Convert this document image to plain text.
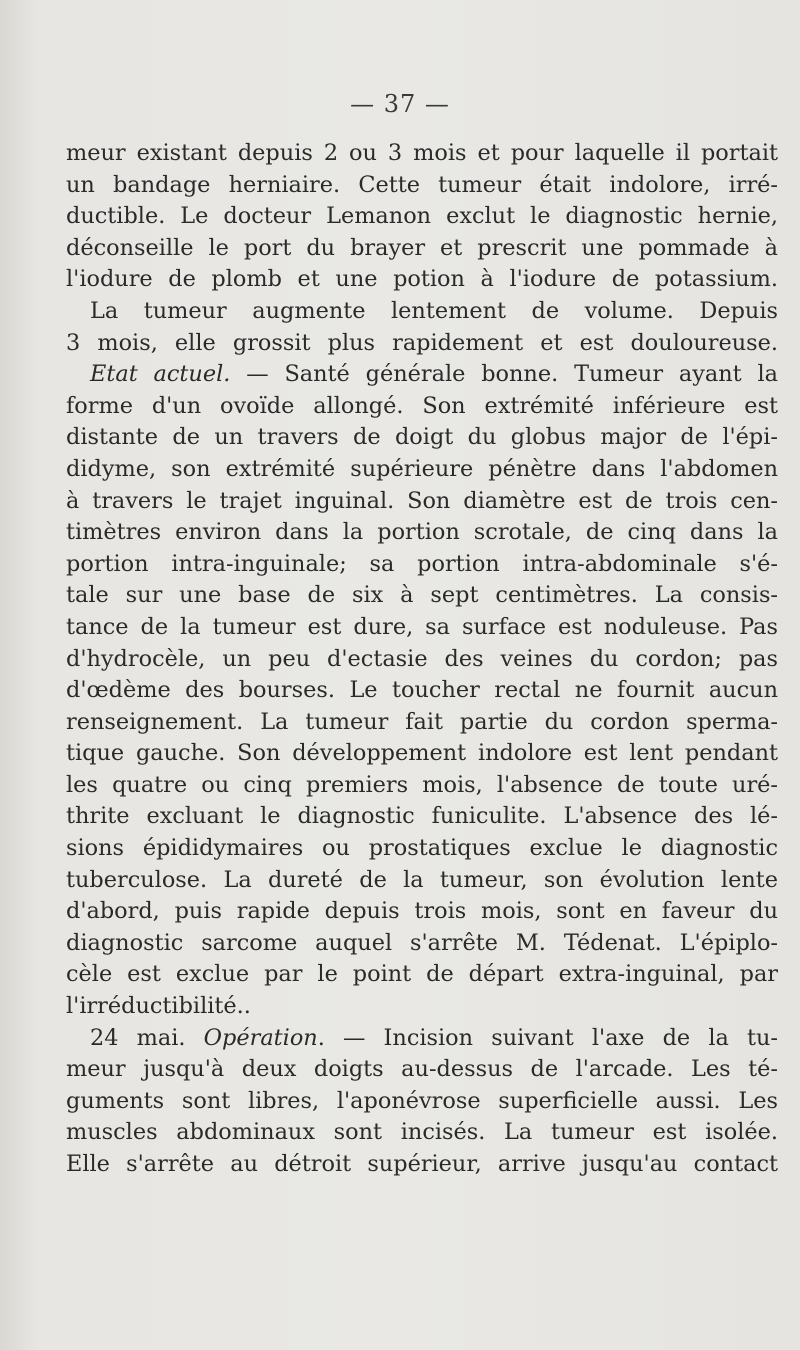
— 37 —
meur existant depuis 2 ou 3 mois et pour laquelle il portait
un bandage herniaire. Cette tumeur était indolore, irré-
ductible. Le docteur Lemanon exclut le diagnostic hernie,
déconseille le port du brayer et prescrit une pommade à
l'iodure de plomb et une potion à l'iodure de potassium.
La tumeur augmente lentement de volume. Depuis
3 mois, elle grossit plus rapidement et est douloureuse.
Etat actuel. — Santé générale bonne. Tumeur ayant la
forme d'un ovoïde allongé. Son extrémité inférieure est
distante de un travers de doigt du globus major de l'épi-
didyme, son extrémité supérieure pénètre dans l'abdomen
à travers le trajet inguinal. Son diamètre est de trois cen-
timètres environ dans la portion scrotale, de cinq dans la
portion intra-inguinale; sa portion intra-abdominale s'é-
tale sur une base de six à sept centimètres. La consis-
tance de la tumeur est dure, sa surface est noduleuse. Pas
d'hydrocèle, un peu d'ectasie des veines du cordon; pas
d'œdème des bourses. Le toucher rectal ne fournit aucun
renseignement. La tumeur fait partie du cordon sperma-
tique gauche. Son développement indolore est lent pendant
les quatre ou cinq premiers mois, l'absence de toute uré-
thrite excluant le diagnostic funiculite. L'absence des lé-
sions épididymaires ou prostatiques exclue le diagnostic
tuberculose. La dureté de la tumeur, son évolution lente
d'abord, puis rapide depuis trois mois, sont en faveur du
diagnostic sarcome auquel s'arrête M. Tédenat. L'épiplo-
cèle est exclue par le point de départ extra-inguinal, par
l'irréductibilité..
24 mai. Opération. — Incision suivant l'axe de la tu-
meur jusqu'à deux doigts au-dessus de l'arcade. Les té-
guments sont libres, l'aponévrose superficielle aussi. Les
muscles abdominaux sont incisés. La tumeur est isolée.
Elle s'arrête au détroit supérieur, arrive jusqu'au contact
